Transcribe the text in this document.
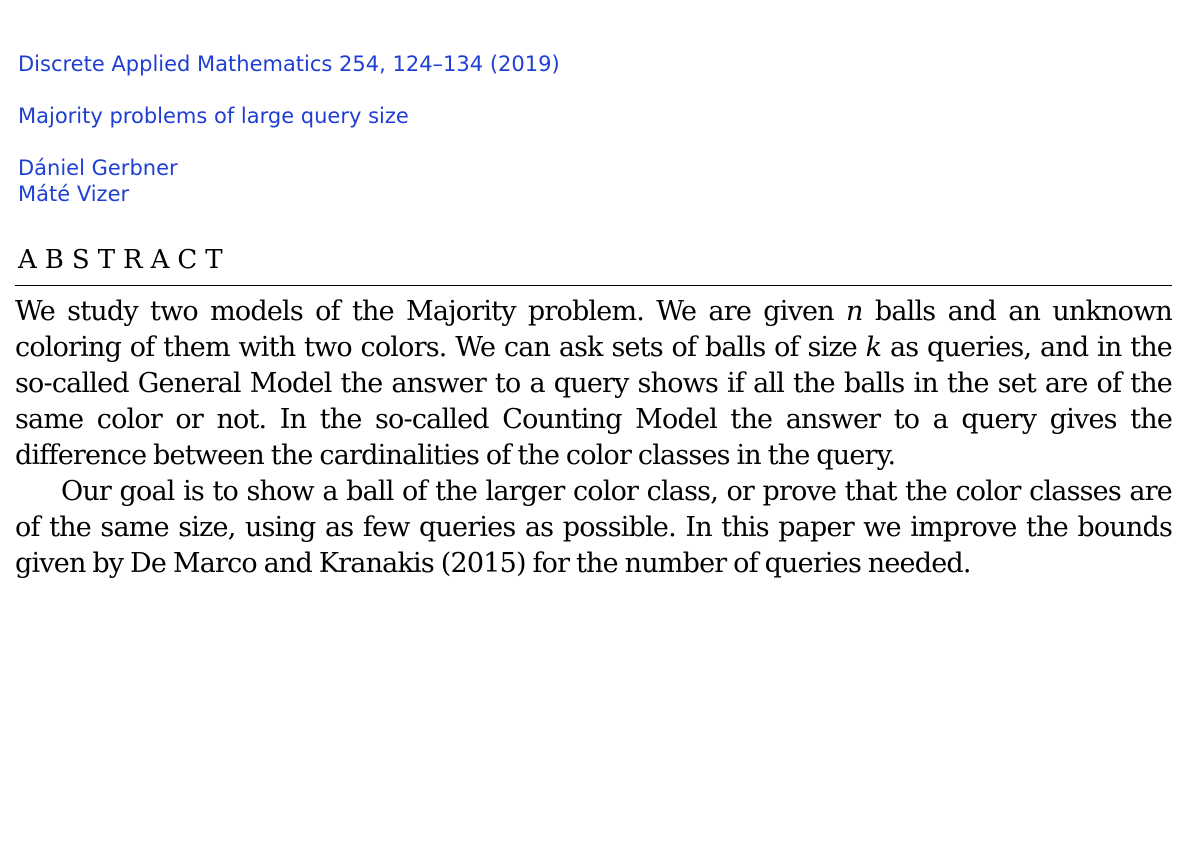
Discrete Applied Mathematics 254, 124–134 (2019)
Majority problems of large query size
Dániel Gerbner
Máté Vizer
ABSTRACT

We study two models of the Majority problem. We are given n balls and an unknown coloring of them with two colors. We can ask sets of balls of size k as queries, and in the so-called General Model the answer to a query shows if all the balls in the set are of the same color or not. In the so-called Counting Model the answer to a query gives the difference between the cardinalities of the color classes in the query.

Our goal is to show a ball of the larger color class, or prove that the color classes are of the same size, using as few queries as possible. In this paper we improve the bounds given by De Marco and Kranakis (2015) for the number of queries needed.
